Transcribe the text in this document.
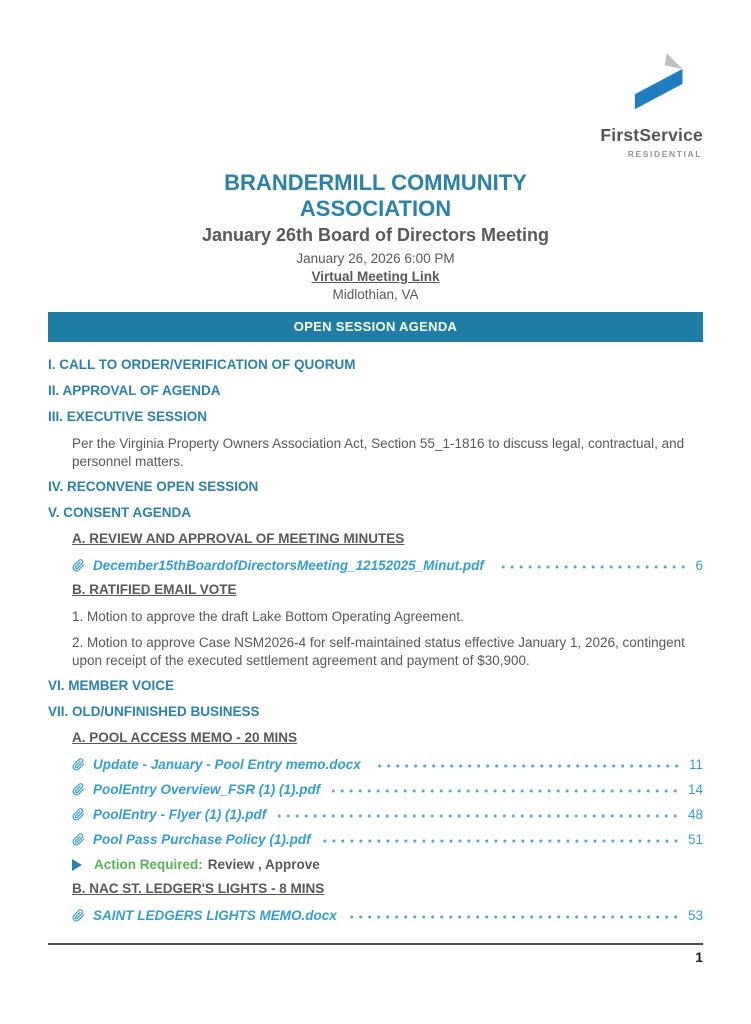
FirstService
RESIDENTIAL
BRANDERMILL COMMUNITY
ASSOCIATION
January 26th Board of Directors Meeting
January 26, 2026 6:00 PM
Virtual Meeting Link
Midlothian, VA
OPEN SESSION AGENDA
I. CALL TO ORDER/VERIFICATION OF QUORUM
II. APPROVAL OF AGENDA
III. EXECUTIVE SESSION
Per the Virginia Property Owners Association Act, Section 55_1-1816 to discuss legal, contractual, and personnel matters.
IV. RECONVENE OPEN SESSION
V. CONSENT AGENDA
A. REVIEW AND APPROVAL OF MEETING MINUTES
December15thBoardofDirectorsMeeting_12152025_Minut.pdf	6
B. RATIFIED EMAIL VOTE
1. Motion to approve the draft Lake Bottom Operating Agreement.
2. Motion to approve Case NSM2026-4 for self-maintained status effective January 1, 2026, contingent upon receipt of the executed settlement agreement and payment of $30,900.
VI. MEMBER VOICE
VII. OLD/UNFINISHED BUSINESS
A. POOL ACCESS MEMO - 20 MINS
Update - January - Pool Entry memo.docx	11
PoolEntry Overview_FSR (1) (1).pdf	14
PoolEntry - Flyer (1) (1).pdf	48
Pool Pass Purchase Policy (1).pdf	51
Action Required: Review , Approve
B. NAC ST. LEDGER'S LIGHTS - 8 MINS
SAINT LEDGERS LIGHTS MEMO.docx	53
1
